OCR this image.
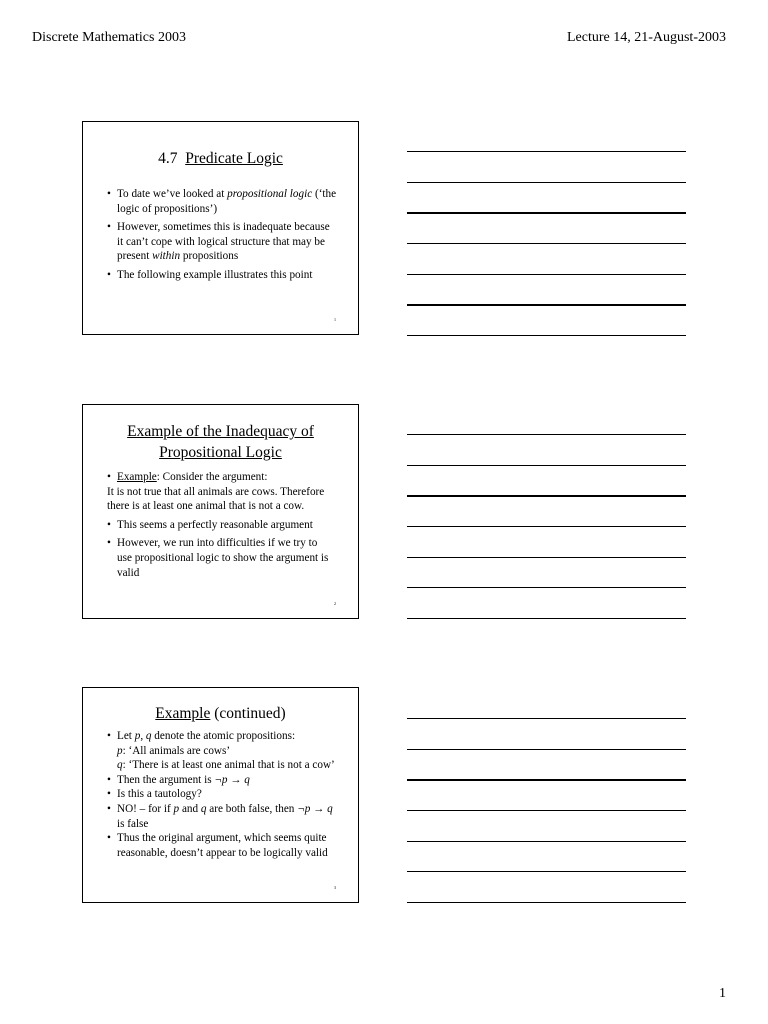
Discrete Mathematics 2003	Lecture 14, 21-August-2003
4.7 Predicate Logic
• To date we’ve looked at propositional logic (‘the logic of propositions’)
• However, sometimes this is inadequate because it can’t cope with logical structure that may be present within propositions
• The following example illustrates this point
1
Example of the Inadequacy of Propositional Logic
• Example: Consider the argument:
It is not true that all animals are cows. Therefore there is at least one animal that is not a cow.
• This seems a perfectly reasonable argument
• However, we run into difficulties if we try to use propositional logic to show the argument is valid
2
Example (continued)
• Let p, q denote the atomic propositions:
p: ‘All animals are cows’
q: ‘There is at least one animal that is not a cow’
• Then the argument is ¬p → q
• Is this a tautology?
• NO! – for if p and q are both false, then ¬p → q is false
• Thus the original argument, which seems quite reasonable, doesn’t appear to be logically valid
3
1
